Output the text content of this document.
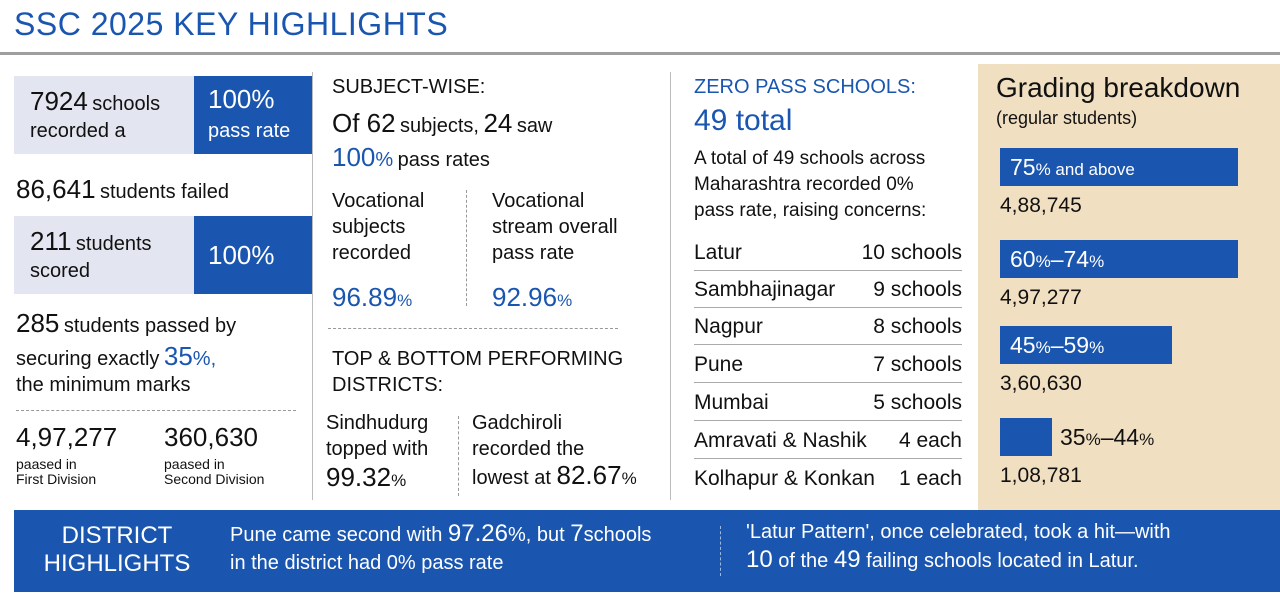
SSC 2025 KEY HIGHLIGHTS
7924 schools
recorded a
100%
pass rate
86,641 students failed
211 students
scored
100%
285 students passed by
securing exactly 35%,
the minimum marks
4,97,277
paased in
First Division
360,630
paased in
Second Division
SUBJECT-WISE:
Of 62 subjects, 24 saw
100% pass rates
Vocational
subjects
recorded
96.89%
Vocational
stream overall
pass rate
92.96%
TOP & BOTTOM PERFORMING
DISTRICTS:
Sindhudurg
topped with
99.32%
Gadchiroli
recorded the
lowest at 82.67%
ZERO PASS SCHOOLS:
49 total
A total of 49 schools across
Maharashtra recorded 0%
pass rate, raising concerns:
Latur	10 schools
Sambhajinagar 9 schools
Nagpur	8 schools
Pune	7 schools
Mumbai	5 schools
Amravati & Nashik 4 each
Kolhapur & Konkan 1 each
Grading breakdown
(regular students)
75% and above
4,88,745
60%–74%
4,97,277
45%–59%
3,60,630
35%–44%
1,08,781
DISTRICT
HIGHLIGHTS
Pune came second with 97.26%, but 7schools
in the district had 0% pass rate
'Latur Pattern', once celebrated, took a hit—with
10 of the 49 failing schools located in Latur.
